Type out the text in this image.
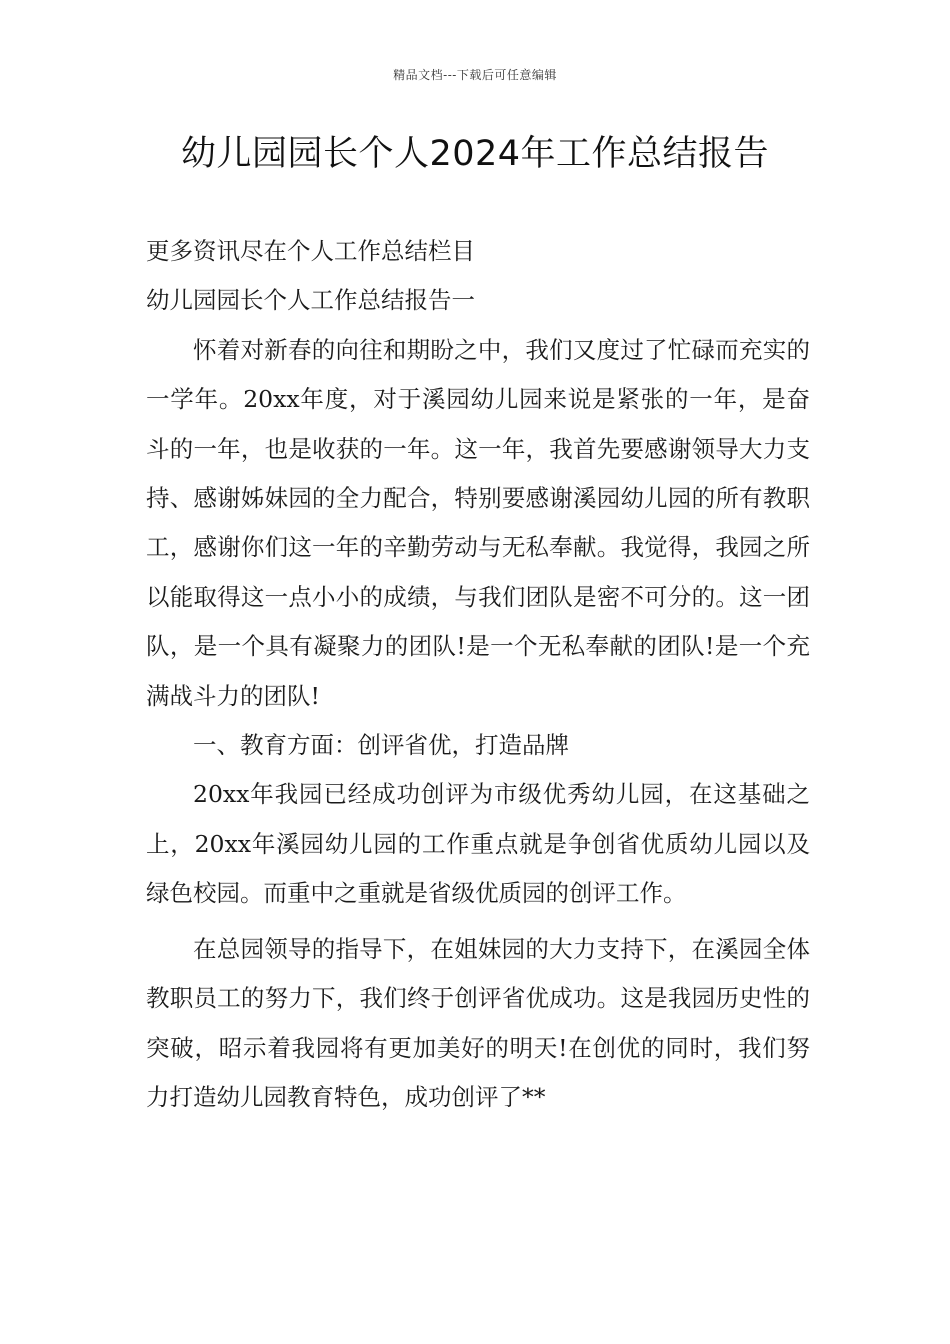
精品文档---下载后可任意编辑
幼儿园园长个人2024年工作总结报告

更多资讯尽在个人工作总结栏目

幼儿园园长个人工作总结报告一

怀着对新春的向往和期盼之中，我们又度过了忙碌而充实的一学年。20xx年度，对于溪园幼儿园来说是紧张的一年，是奋斗的一年，也是收获的一年。这一年，我首先要感谢领导大力支持、感谢姊妹园的全力配合，特别要感谢溪园幼儿园的所有教职工，感谢你们这一年的辛勤劳动与无私奉献。我觉得，我园之所以能取得这一点小小的成绩，与我们团队是密不可分的。这一团队，是一个具有凝聚力的团队!是一个无私奉献的团队!是一个充满战斗力的团队!

一、教育方面：创评省优，打造品牌

20xx年我园已经成功创评为市级优秀幼儿园，在这基础之上，20xx年溪园幼儿园的工作重点就是争创省优质幼儿园以及绿色校园。而重中之重就是省级优质园的创评工作。

在总园领导的指导下，在姐妹园的大力支持下，在溪园全体教职员工的努力下，我们终于创评省优成功。这是我园历史性的突破，昭示着我园将有更加美好的明天!在创优的同时，我们努力打造幼儿园教育特色，成功创评了**
